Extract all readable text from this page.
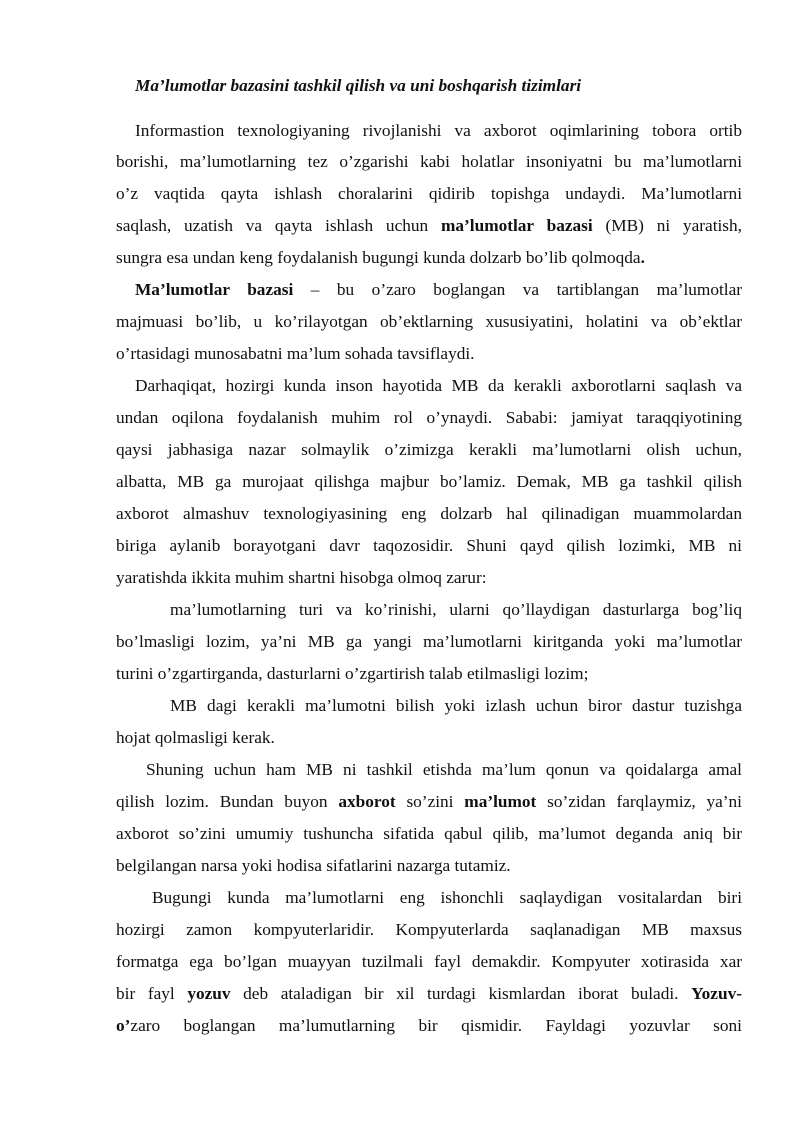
Ma’lumotlar bazasini tashkil qilish va uni boshqarish tizimlari
Informastion texnologiyaning rivojlanishi va axborot oqimlarining tobora ortib
borishi, ma’lumotlarning tez o’zgarishi kabi holatlar insoniyatni bu ma’lumotlarni
o’z vaqtida qayta ishlash choralarini qidirib topishga undaydi. Ma’lumotlarni
saqlash, uzatish va qayta ishlash uchun ma’lumotlar bazasi (MB) ni yaratish,
sungra esa undan keng foydalanish bugungi kunda dolzarb bo’lib qolmoqda.
Ma’lumotlar bazasi – bu o’zaro boglangan va tartiblangan ma’lumotlar
majmuasi bo’lib, u ko’rilayotgan ob’ektlarning xususiyatini, holatini va ob’ektlar
o’rtasidagi munosabatni ma’lum sohada tavsiflaydi.
Darhaqiqat, hozirgi kunda inson hayotida MB da kerakli axborotlarni saqlash va
undan oqilona foydalanish muhim rol o’ynaydi. Sababi: jamiyat taraqqiyotining
qaysi jabhasiga nazar solmaylik o’zimizga kerakli ma’lumotlarni olish uchun,
albatta, MB ga murojaat qilishga majbur bo’lamiz. Demak, MB ga tashkil qilish
axborot almashuv texnologiyasining eng dolzarb hal qilinadigan muammolardan
biriga aylanib borayotgani davr taqozosidir. Shuni qayd qilish lozimki, MB ni
yaratishda ikkita muhim shartni hisobga olmoq zarur:
ma’lumotlarning turi va ko’rinishi, ularni qo’llaydigan dasturlarga bog’liq
bo’lmasligi lozim, ya’ni MB ga yangi ma’lumotlarni kiritganda yoki ma’lumotlar
turini o’zgartirganda, dasturlarni o’zgartirish talab etilmasligi lozim;
MB dagi kerakli ma’lumotni bilish yoki izlash uchun biror dastur tuzishga
hojat qolmasligi kerak.
Shuning uchun ham MB ni tashkil etishda ma’lum qonun va qoidalarga amal
qilish lozim. Bundan buyon axborot so’zini ma’lumot so’zidan farqlaymiz, ya’ni
axborot so’zini umumiy tushuncha sifatida qabul qilib, ma’lumot deganda aniq bir
belgilangan narsa yoki hodisa sifatlarini nazarga tutamiz.
Bugungi kunda ma’lumotlarni eng ishonchli saqlaydigan vositalardan biri
hozirgi zamon kompyuterlaridir. Kompyuterlarda saqlanadigan MB maxsus
formatga ega bo’lgan muayyan tuzilmali fayl demakdir. Kompyuter xotirasida xar
bir fayl yozuv deb ataladigan bir xil turdagi kismlardan iborat buladi. Yozuv-
o’zaro boglangan ma’lumutlarning bir qismidir. Fayldagi yozuvlar soni
